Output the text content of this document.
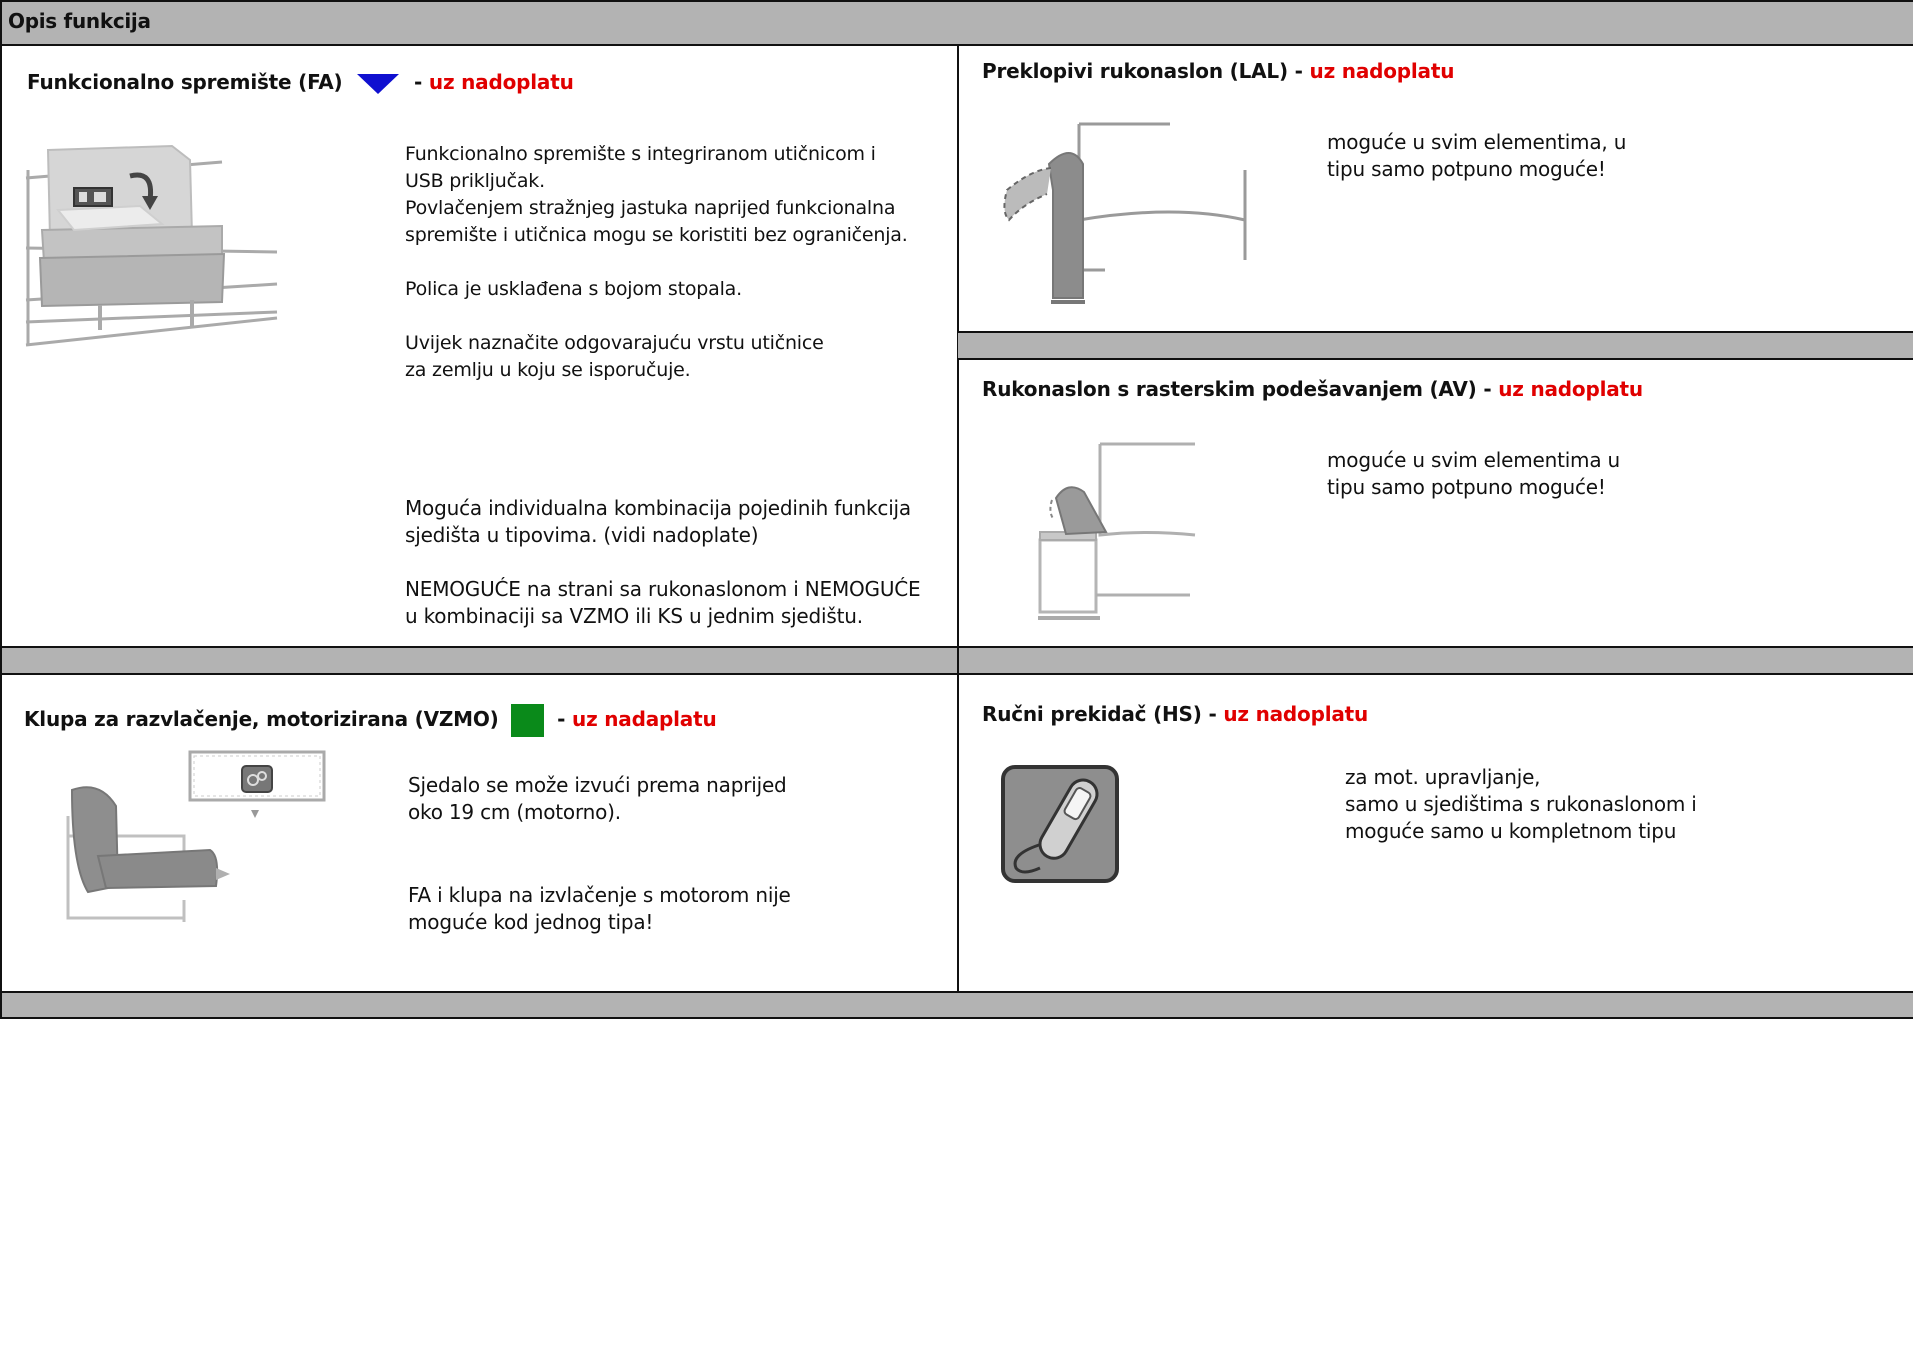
Opis funkcija
Funkcionalno spremište (FA)	- uz nadoplatu
Funkcionalno spremište s integriranom utičnicom i
USB priključak.
Povlačenjem stražnjeg jastuka naprijed funkcionalna
spremište i utičnica mogu se koristiti bez ograničenja.

Polica je usklađena s bojom stopala.

Uvijek naznačite odgovarajuću vrstu utičnice
za zemlju u koju se isporučuje.
Moguća individualna kombinacija pojedinih funkcija
sjedišta u tipovima. (vidi nadoplate)

NEMOGUĆE na strani sa rukonaslonom i NEMOGUĆE
u kombinaciji sa VZMO ili KS u jednim sjedištu.
Preklopivi rukonaslon (LAL) - uz nadoplatu
moguće u svim elementima, u
tipu samo potpuno moguće!
Rukonaslon s rasterskim podešavanjem (AV) - uz nadoplatu
moguće u svim elementima u
tipu samo potpuno moguće!
Klupa za razvlačenje, motorizirana (VZMO)	- uz nadaplatu
Sjedalo se može izvući prema naprijed
oko 19 cm (motorno).
FA i klupa na izvlačenje s motorom nije
moguće kod jednog tipa!
Ručni prekidač (HS) - uz nadoplatu
za mot. upravljanje,
samo u sjedištima s rukonaslonom i
moguće samo u kompletnom tipu
